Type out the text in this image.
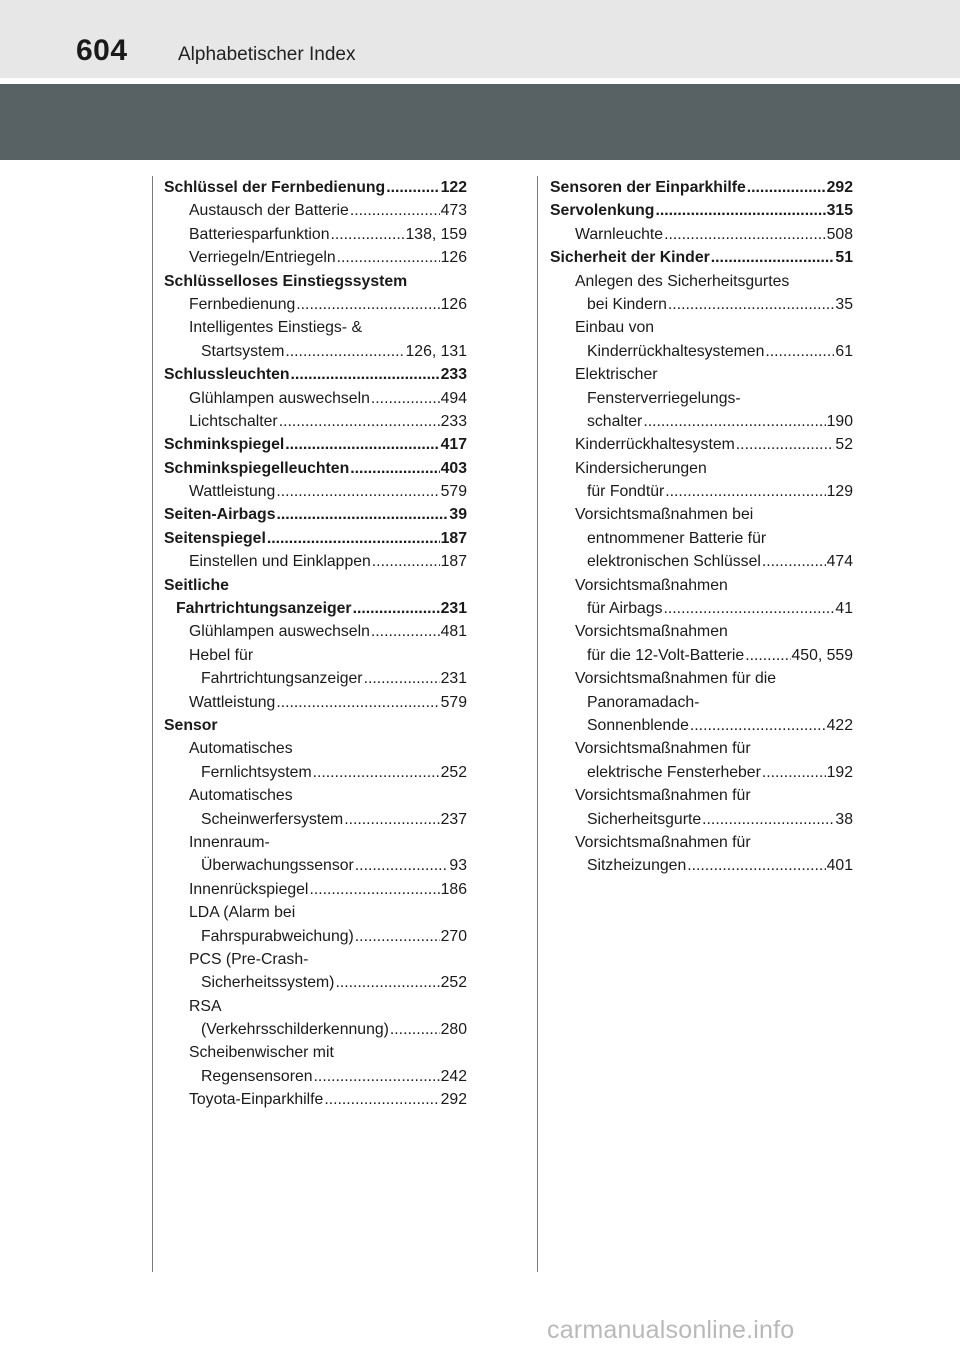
604	Alphabetischer Index
Schlüssel der Fernbedienung .....	122
Austausch der Batterie .....	473
Batteriesparfunktion .....	138, 159
Verriegeln/Entriegeln .....	126
Schlüsselloses Einstiegssystem
Fernbedienung .....	126
Intelligentes Einstiegs- &
Startsystem .....	126, 131
Schlussleuchten .....	233
Glühlampen auswechseln .....	494
Lichtschalter .....	233
Schminkspiegel .....	417
Schminkspiegelleuchten .....	403
Wattleistung .....	579
Seiten-Airbags .....	39
Seitenspiegel .....	187
Einstellen und Einklappen .....	187
Seitliche
Fahrtrichtungsanzeiger .....	231
Glühlampen auswechseln .....	481
Hebel für
Fahrtrichtungsanzeiger .....	231
Wattleistung .....	579
Sensor
Automatisches
Fernlichtsystem .....	252
Automatisches
Scheinwerfersystem .....	237
Innenraum-
Überwachungssensor .....	93
Innenrückspiegel .....	186
LDA (Alarm bei
Fahrspurabweichung) .....	270
PCS (Pre-Crash-
Sicherheitssystem) .....	252
RSA
(Verkehrsschilderkennung) .....	280
Scheibenwischer mit
Regensensoren .....	242
Toyota-Einparkhilfe .....	292
Sensoren der Einparkhilfe .....	292
Servolenkung .....	315
Warnleuchte .....	508
Sicherheit der Kinder .....	51
Anlegen des Sicherheitsgurtes
bei Kindern .....	35
Einbau von
Kinderrückhaltesystemen .....	61
Elektrischer
Fensterverriegelungs-
schalter .....	190
Kinderrückhaltesystem .....	52
Kindersicherungen
für Fondtür .....	129
Vorsichtsmaßnahmen bei
entnommener Batterie für
elektronischen Schlüssel .....	474
Vorsichtsmaßnahmen
für Airbags .....	41
Vorsichtsmaßnahmen
für die 12-Volt-Batterie .....	450, 559
Vorsichtsmaßnahmen für die
Panoramadach-
Sonnenblende .....	422
Vorsichtsmaßnahmen für
elektrische Fensterheber .....	192
Vorsichtsmaßnahmen für
Sicherheitsgurte .....	38
Vorsichtsmaßnahmen für
Sitzheizungen .....	401
carmanualsonline.info
